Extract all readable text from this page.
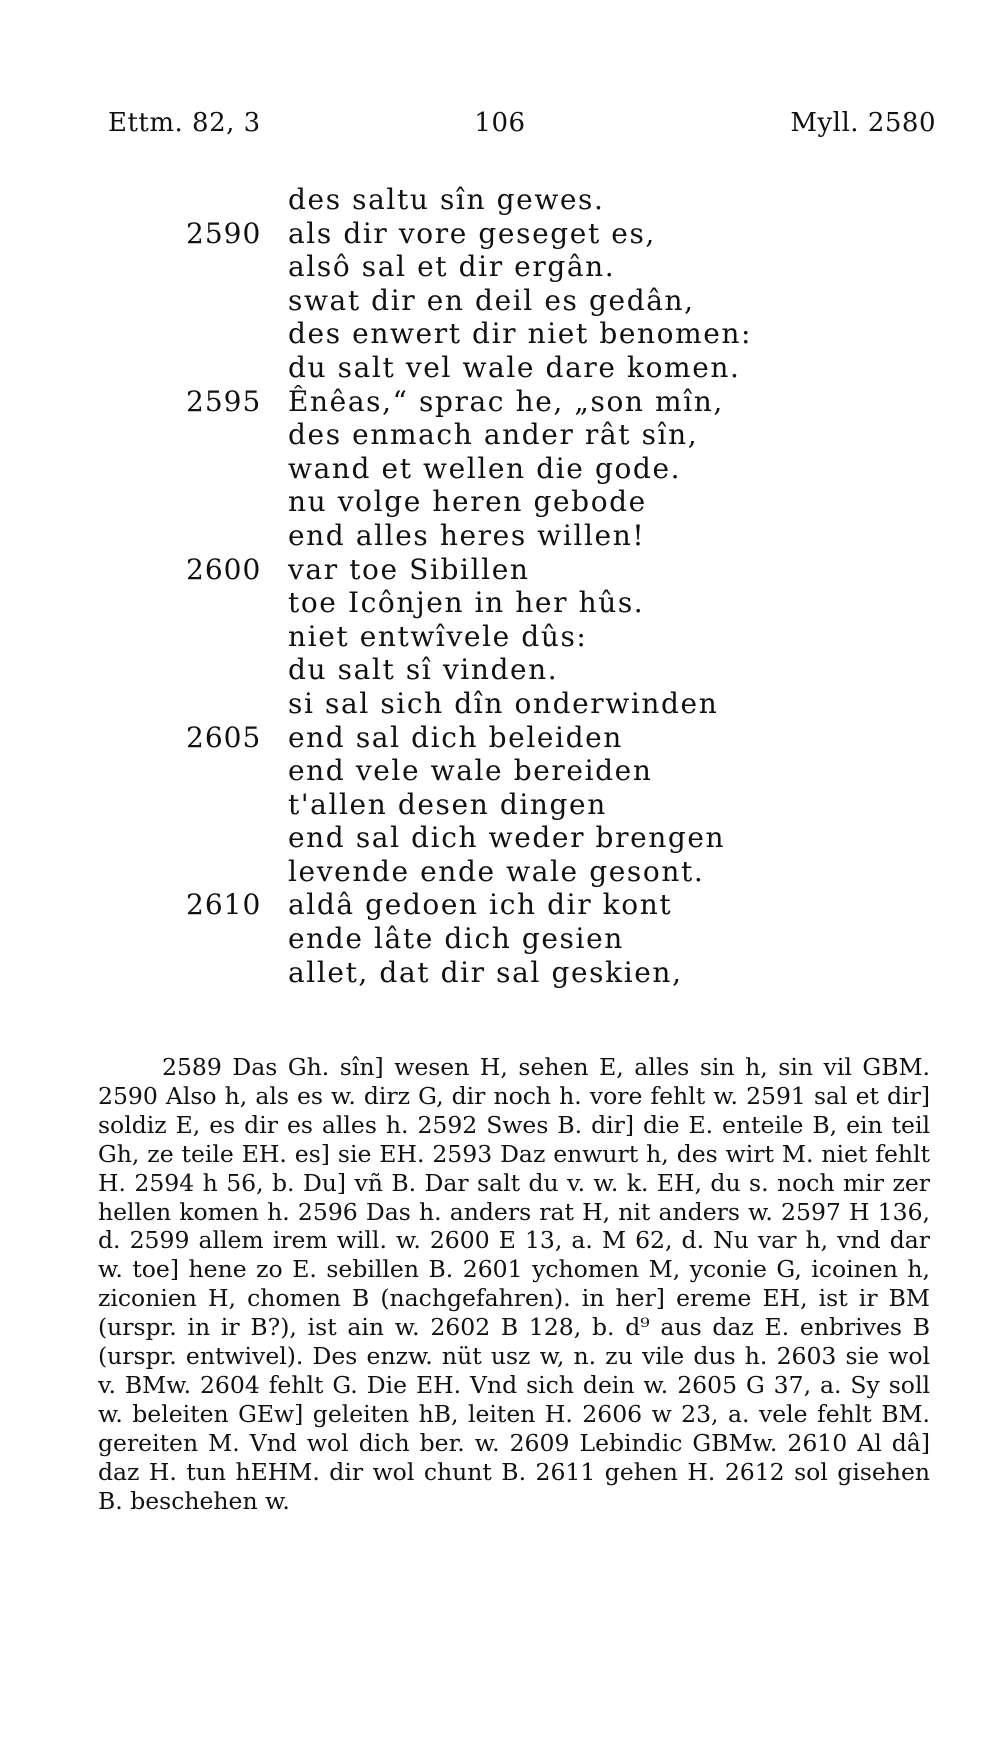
Ettm. 82, 3	106	Myll. 2580
des saltu sîn gewes.
2590 als dir vore geseget es,
alsô sal et dir ergân.
swat dir en deil es gedân,
des enwert dir niet benomen:
du salt vel wale dare komen.
2595 Ênêas,“ sprac he, „son mîn,
des enmach ander rât sîn,
wand et wellen die gode.
nu volge heren gebode
end alles heres willen!
2600 var toe Sibillen
toe Icônjen in her hûs.
niet entwîvele dûs:
du salt sî vinden.
si sal sich dîn onderwinden
2605 end sal dich beleiden
end vele wale bereiden
t'allen desen dingen
end sal dich weder brengen
levende ende wale gesont.
2610 aldâ gedoen ich dir kont
ende lâte dich gesien
allet, dat dir sal geskien,

2589 Das Gh. sîn] wesen H, sehen E, alles sin h, sin vil GBM. 2590 Also h, als es w. dirz G, dir noch h. vore fehlt w. 2591 sal et dir] soldiz E, es dir es alles h. 2592 Swes B. dir] die E. enteile B, ein teil Gh, ze teile EH. es] sie EH. 2593 Daz enwurt h, des wirt M. niet fehlt H. 2594 h 56, b. Du] vñ B. Dar salt du v. w. k. EH, du s. noch mir zer hellen komen h. 2596 Das h. anders rat H, nit anders w. 2597 H 136, d. 2599 allem irem will. w. 2600 E 13, a. M 62, d. Nu var h, vnd dar w. toe] hene zo E. sebillen B. 2601 ychomen M, yconie G, icoinen h, ziconien H, chomen B (nachgefahren). in her] ereme EH, ist ir BM (urspr. in ir B?), ist ain w. 2602 B 128, b. d⁹ aus daz E. enbrives B (urspr. entwivel). Des enzw. nüt usz w, n. zu vile dus h. 2603 sie wol v. BMw. 2604 fehlt G. Die EH. Vnd sich dein w. 2605 G 37, a. Sy soll w. beleiten GEw] geleiten hB, leiten H. 2606 w 23, a. vele fehlt BM. gereiten M. Vnd wol dich ber. w. 2609 Lebindic GBMw. 2610 Al dâ] daz H. tun hEHM. dir wol chunt B. 2611 gehen H. 2612 sol gisehen B. beschehen w.
